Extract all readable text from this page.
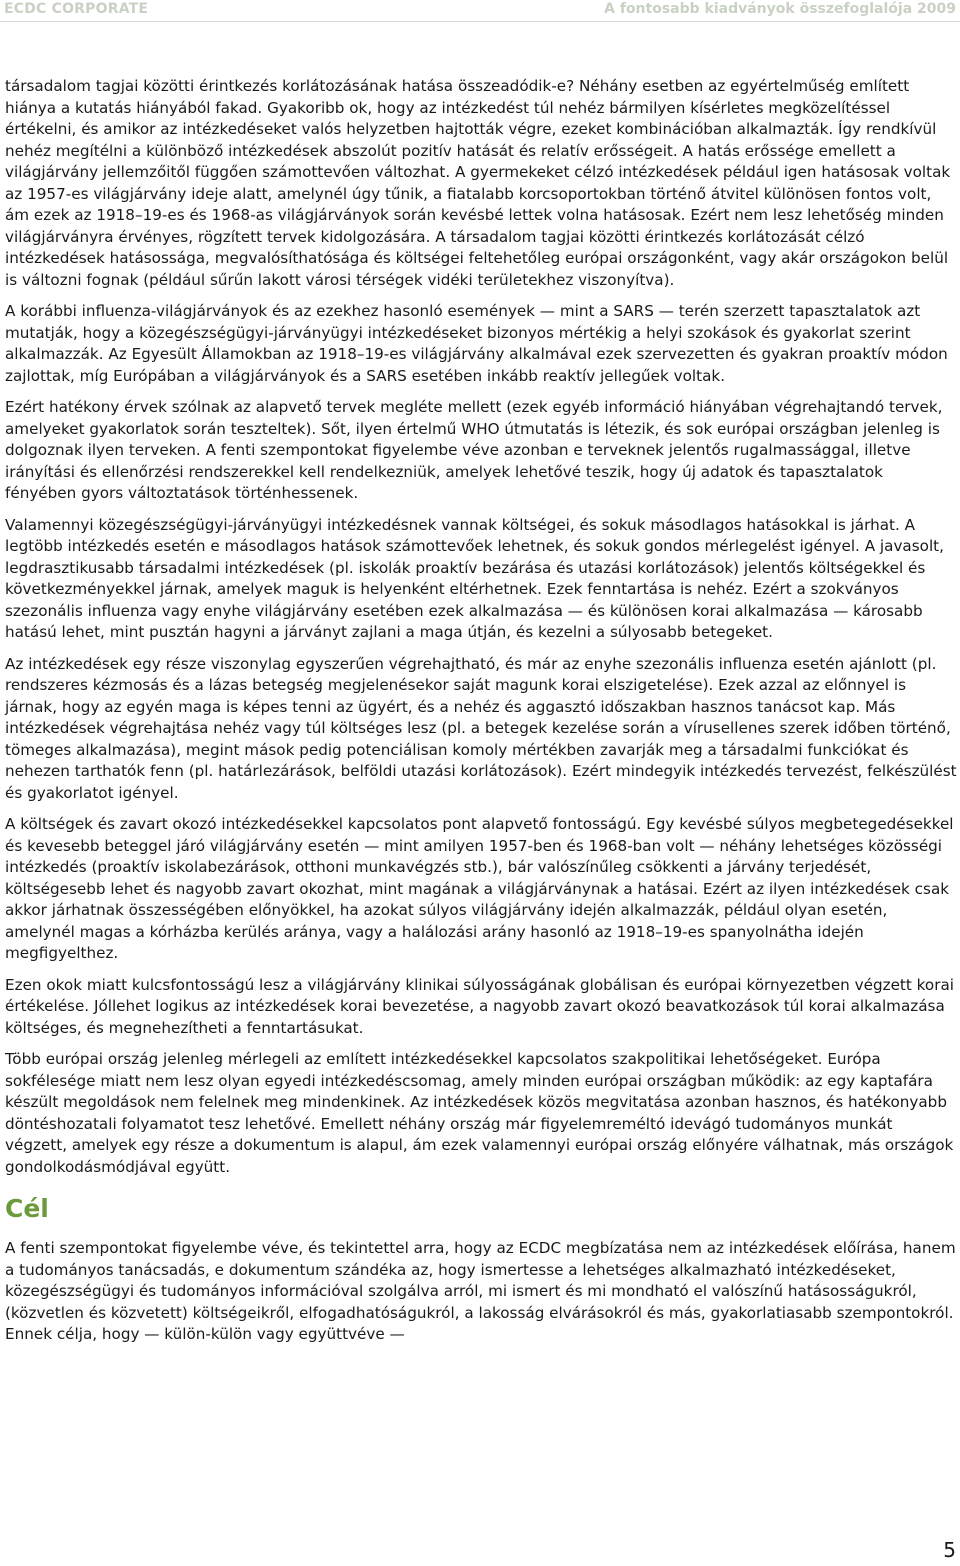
ECDC CORPORATE	A fontosabb kiadványok összefoglalója 2009

társadalom tagjai közötti érintkezés korlátozásának hatása összeadódik-e? Néhány esetben az egyértelműség említett hiánya a kutatás hiányából fakad. Gyakoribb ok, hogy az intézkedést túl nehéz bármilyen kísérletes megközelítéssel értékelni, és amikor az intézkedéseket valós helyzetben hajtották végre, ezeket kombinációban alkalmazták. Így rendkívül nehéz megítélni a különböző intézkedések abszolút pozitív hatását és relatív erősségeit. A hatás erőssége emellett a világjárvány jellemzőitől függően számottevően változhat. A gyermekeket célzó intézkedések például igen hatásosak voltak az 1957-es világjárvány ideje alatt, amelynél úgy tűnik, a fiatalabb korcsoportokban történő átvitel különösen fontos volt, ám ezek az 1918–19-es és 1968-as világjárványok során kevésbé lettek volna hatásosak. Ezért nem lesz lehetőség minden világjárványra érvényes, rögzített tervek kidolgozására. A társadalom tagjai közötti érintkezés korlátozását célzó intézkedések hatásossága, megvalósíthatósága és költségei feltehetőleg európai országonként, vagy akár országokon belül is változni fognak (például sűrűn lakott városi térségek vidéki területekhez viszonyítva).

A korábbi influenza-világjárványok és az ezekhez hasonló események — mint a SARS — terén szerzett tapasztalatok azt mutatják, hogy a közegészségügyi-járványügyi intézkedéseket bizonyos mértékig a helyi szokások és gyakorlat szerint alkalmazzák. Az Egyesült Államokban az 1918–19-es világjárvány alkalmával ezek szervezetten és gyakran proaktív módon zajlottak, míg Európában a világjárványok és a SARS esetében inkább reaktív jellegűek voltak.

Ezért hatékony érvek szólnak az alapvető tervek megléte mellett (ezek egyéb információ hiányában végrehajtandó tervek, amelyeket gyakorlatok során teszteltek). Sőt, ilyen értelmű WHO útmutatás is létezik, és sok európai országban jelenleg is dolgoznak ilyen terveken. A fenti szempontokat figyelembe véve azonban e terveknek jelentős rugalmassággal, illetve irányítási és ellenőrzési rendszerekkel kell rendelkezniük, amelyek lehetővé teszik, hogy új adatok és tapasztalatok fényében gyors változtatások történhessenek.

Valamennyi közegészségügyi-járványügyi intézkedésnek vannak költségei, és sokuk másodlagos hatásokkal is járhat. A legtöbb intézkedés esetén e másodlagos hatások számottevőek lehetnek, és sokuk gondos mérlegelést igényel. A javasolt, legdrasztikusabb társadalmi intézkedések (pl. iskolák proaktív bezárása és utazási korlátozások) jelentős költségekkel és következményekkel járnak, amelyek maguk is helyenként eltérhetnek. Ezek fenntartása is nehéz. Ezért a szokványos szezonális influenza vagy enyhe világjárvány esetében ezek alkalmazása — és különösen korai alkalmazása — károsabb hatású lehet, mint pusztán hagyni a járványt zajlani a maga útján, és kezelni a súlyosabb betegeket.

Az intézkedések egy része viszonylag egyszerűen végrehajtható, és már az enyhe szezonális influenza esetén ajánlott (pl. rendszeres kézmosás és a lázas betegség megjelenésekor saját magunk korai elszigetelése). Ezek azzal az előnnyel is járnak, hogy az egyén maga is képes tenni az ügyért, és a nehéz és aggasztó időszakban hasznos tanácsot kap. Más intézkedések végrehajtása nehéz vagy túl költséges lesz (pl. a betegek kezelése során a vírusellenes szerek időben történő, tömeges alkalmazása), megint mások pedig potenciálisan komoly mértékben zavarják meg a társadalmi funkciókat és nehezen tarthatók fenn (pl. határlezárások, belföldi utazási korlátozások). Ezért mindegyik intézkedés tervezést, felkészülést és gyakorlatot igényel.

A költségek és zavart okozó intézkedésekkel kapcsolatos pont alapvető fontosságú. Egy kevésbé súlyos megbetegedésekkel és kevesebb beteggel járó világjárvány esetén — mint amilyen 1957-ben és 1968-ban volt — néhány lehetséges közösségi intézkedés (proaktív iskolabezárások, otthoni munkavégzés stb.), bár valószínűleg csökkenti a járvány terjedését, költségesebb lehet és nagyobb zavart okozhat, mint magának a világjárványnak a hatásai. Ezért az ilyen intézkedések csak akkor járhatnak összességében előnyökkel, ha azokat súlyos világjárvány idején alkalmazzák, például olyan esetén, amelynél magas a kórházba kerülés aránya, vagy a halálozási arány hasonló az 1918–19-es spanyolnátha idején megfigyelthez.

Ezen okok miatt kulcsfontosságú lesz a világjárvány klinikai súlyosságának globálisan és európai környezetben végzett korai értékelése. Jóllehet logikus az intézkedések korai bevezetése, a nagyobb zavart okozó beavatkozások túl korai alkalmazása költséges, és megnehezítheti a fenntartásukat.

Több európai ország jelenleg mérlegeli az említett intézkedésekkel kapcsolatos szakpolitikai lehetőségeket. Európa sokfélesége miatt nem lesz olyan egyedi intézkedéscsomag, amely minden európai országban működik: az egy kaptafára készült megoldások nem felelnek meg mindenkinek. Az intézkedések közös megvitatása azonban hasznos, és hatékonyabb döntéshozatali folyamatot tesz lehetővé. Emellett néhány ország már figyelemreméltó idevágó tudományos munkát végzett, amelyek egy része a dokumentum is alapul, ám ezek valamennyi európai ország előnyére válhatnak, más országok gondolkodásmódjával együtt.

Cél

A fenti szempontokat figyelembe véve, és tekintettel arra, hogy az ECDC megbízatása nem az intézkedések előírása, hanem a tudományos tanácsadás, e dokumentum szándéka az, hogy ismertesse a lehetséges alkalmazható intézkedéseket, közegészségügyi és tudományos információval szolgálva arról, mi ismert és mi mondható el valószínű hatásosságukról, (közvetlen és közvetett) költségeikről, elfogadhatóságukról, a lakosság elvárásokról és más, gyakorlatiasabb szempontokról. Ennek célja, hogy — külön-külön vagy együttvéve —

5
